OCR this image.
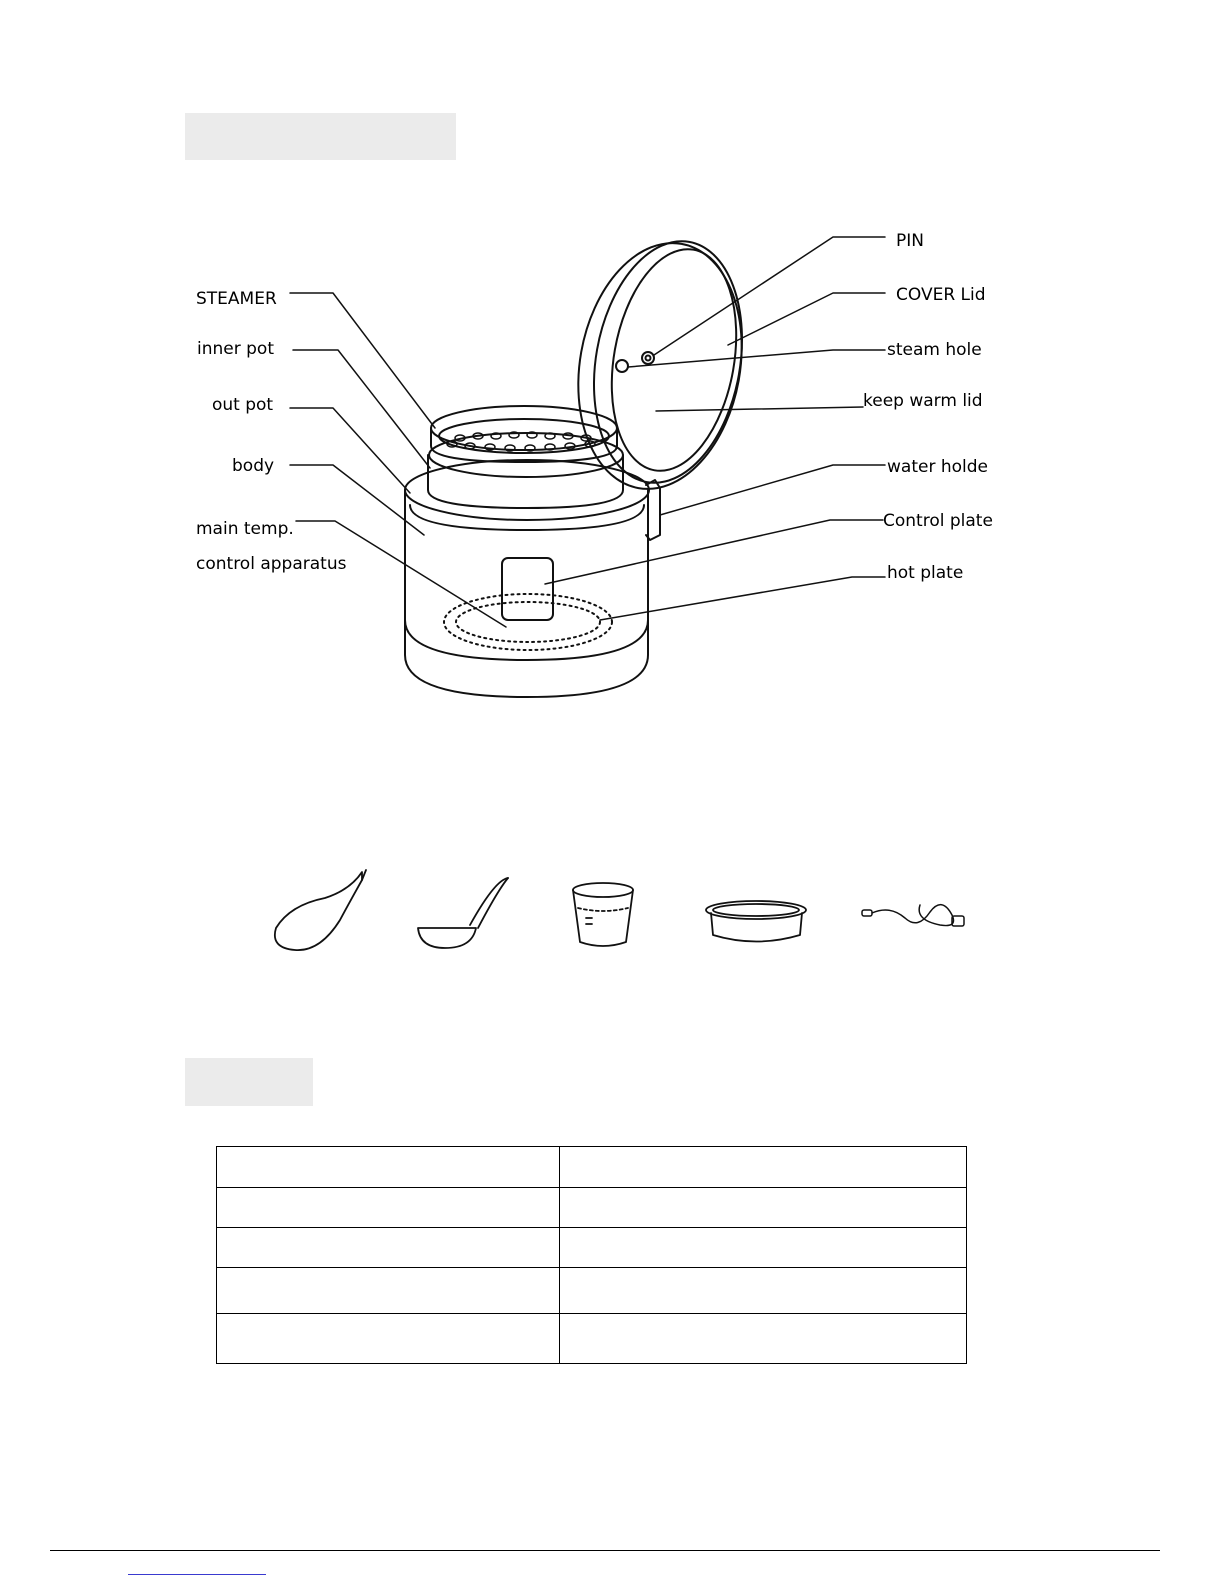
STEAMER
inner pot
out pot
body
main temp.
control apparatus
PIN
COVER Lid
steam hole
keep warm lid
water holde
Control plate
hot plate
